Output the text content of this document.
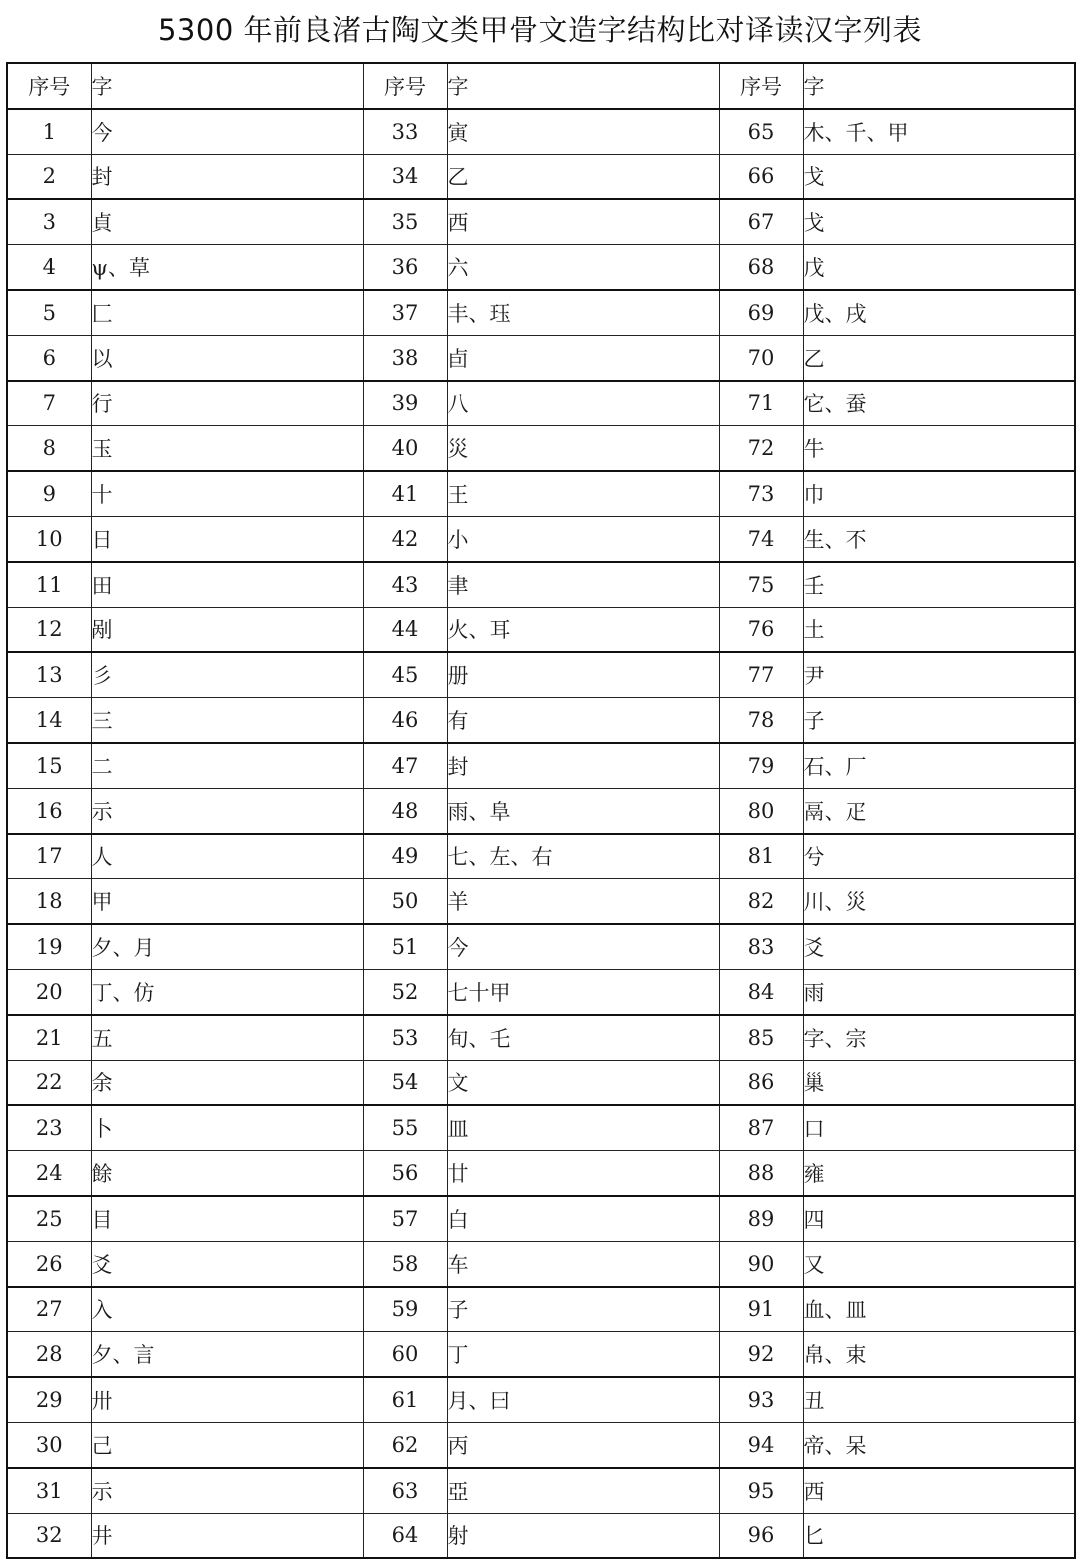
5300 年前良渚古陶文类甲骨文造字结构比对译读汉字列表
序号	字	序号	字	序号	字
1	今	33	寅	65	木、千、甲
2	封	34	乙	66	戈
3	貞	35	西	67	戈
4	ψ、草	36	六	68	戊
5	匚	37	丰、珏	69	戊、戌
6	以	38	卣	70	乙
7	行	39	八	71	它、蚕
8	玉	40	災	72	牛
9	十	41	王	73	巾
10	日	42	小	74	生、不
11	田	43	聿	75	壬
12	剐	44	火、耳	76	土
13	彡	45	册	77	尹
14	三	46	有	78	子
15	二	47	封	79	石、厂
16	示	48	雨、阜	80	鬲、疋
17	人	49	七、左、右	81	兮
18	甲	50	羊	82	川、災
19	夕、月	51	今	83	爻
20	丁、仿	52	七十甲	84	雨
21	五	53	旬、乇	85	字、宗
22	余	54	文	86	巢
23	卜	55	皿	87	口
24	餘	56	廿	88	雍
25	目	57	白	89	四
26	爻	58	车	90	又
27	入	59	子	91	血、皿
28	夕、言	60	丁	92	帛、束
29	卅	61	月、曰	93	丑
30	己	62	丙	94	帝、呆
31	示	63	亞	95	西
32	井	64	射	96	匕
